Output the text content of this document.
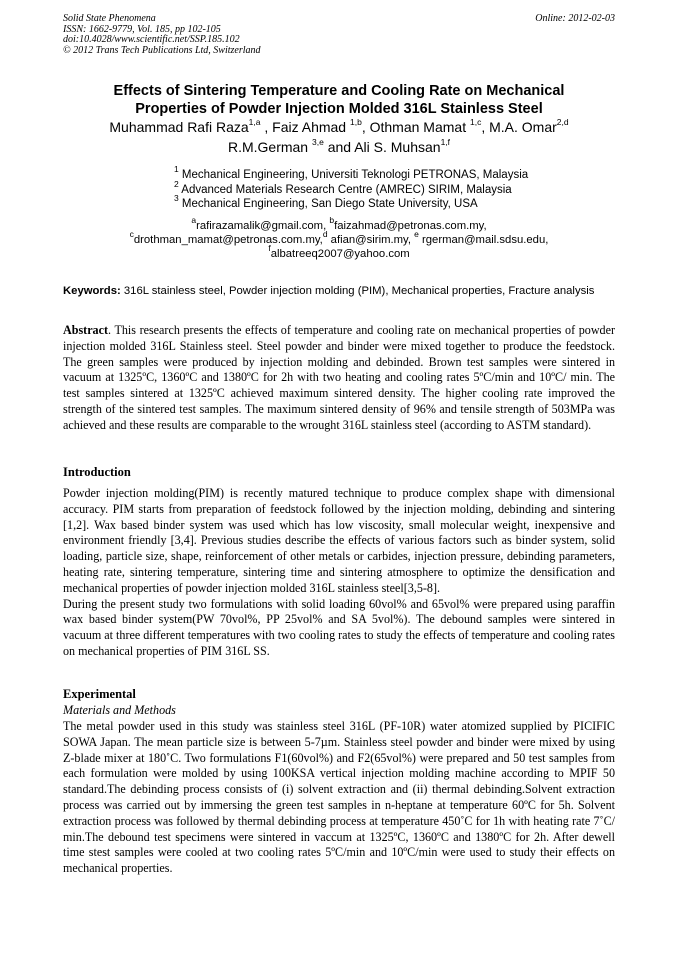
Solid State Phenomena
ISSN: 1662-9779, Vol. 185, pp 102-105
doi:10.4028/www.scientific.net/SSP.185.102
© 2012 Trans Tech Publications Ltd, Switzerland
Online: 2012-02-03
Effects of Sintering Temperature and Cooling Rate on Mechanical
Properties of Powder Injection Molded 316L Stainless Steel
Muhammad Rafi Raza$^{1,a}$ , Faiz Ahmad $^{1,b}$, Othman Mamat $^{1,c}$, M.A. Omar$^{2,d}$
R.M.German $^{3,e}$ and Ali S. Muhsan$^{1,f}$
$^1$ Mechanical Engineering, Universiti Teknologi PETRONAS, Malaysia
$^2$ Advanced Materials Research Centre (AMREC) SIRIM, Malaysia
$^3$ Mechanical Engineering, San Diego State University, USA
$^a$rafirazamalik@gmail.com, $^b$faizahmad@petronas.com.my,
$^c$drothman_mamat@petronas.com.my,$^d$ afian@sirim.my, $^e$ rgerman@mail.sdsu.edu,
$^f$albatreeq2007@yahoo.com
Keywords: 316L stainless steel, Powder injection molding (PIM), Mechanical properties, Fracture analysis
Abstract. This research presents the effects of temperature and cooling rate on mechanical properties of powder injection molded 316L Stainless steel. Steel powder and binder were mixed together to produce the feedstock. The green samples were produced by injection molding and debinded. Brown test samples were sintered in vacuum at 1325ºC, 1360ºC and 1380ºC for 2h with two heating and cooling rates 5ºC/min and 10ºC/ min. The test samples sintered at 1325ºC achieved maximum sintered density. The higher cooling rate improved the strength of the sintered test samples. The maximum sintered density of 96% and tensile strength of 503MPa was achieved and these results are comparable to the wrought 316L stainless steel (according to ASTM standard).
Introduction

Powder injection molding(PIM) is recently matured technique to produce complex shape with dimensional accuracy. PIM starts from preparation of feedstock followed by the injection molding, debinding and sintering [1,2]. Wax based binder system was used which has low viscosity, small molecular weight, inexpensive and environment friendly [3,4]. Previous studies describe the effects of various factors such as binder system, solid loading, particle size, shape, reinforcement of other metals or carbides, injection pressure, debinding parameters, heating rate, sintering temperature, sintering time and sintering atmosphere to optimize the densification and mechanical properties of powder injection molded 316L stainless steel[3,5-8].

During the present study two formulations with solid loading 60vol% and 65vol% were prepared using paraffin wax based binder system(PW 70vol%, PP 25vol% and SA 5vol%). The debound samples were sintered in vacuum at three different temperatures with two cooling rates to study the effects of temperature and cooling rates on mechanical properties of PIM 316L SS.

Experimental
Materials and Methods

The metal powder used in this study was stainless steel 316L (PF-10R) water atomized supplied by PICIFIC SOWA Japan. The mean particle size is between 5-7µm. Stainless steel powder and binder were mixed by using Z-blade mixer at 180˚C. Two formulations F1(60vol%) and F2(65vol%) were prepared and 50 test samples from each formulation were molded by using 100KSA vertical injection molding machine according to MPIF 50 standard.The debinding process consists of (i) solvent extraction and (ii) thermal debinding.Solvent extraction process was carried out by immersing the green test samples in n-heptane at temperature 60ºC for 5h. Solvent extraction process was followed by thermal debinding process at temperature 450˚C for 1h with heating rate 7˚C/ min.The debound test specimens were sintered in vaccum at 1325ºC, 1360ºC and 1380ºC for 2h. After dewell time stest samples were cooled at two cooling rates 5ºC/min and 10ºC/min were used to study their effects on mechanical properties.
